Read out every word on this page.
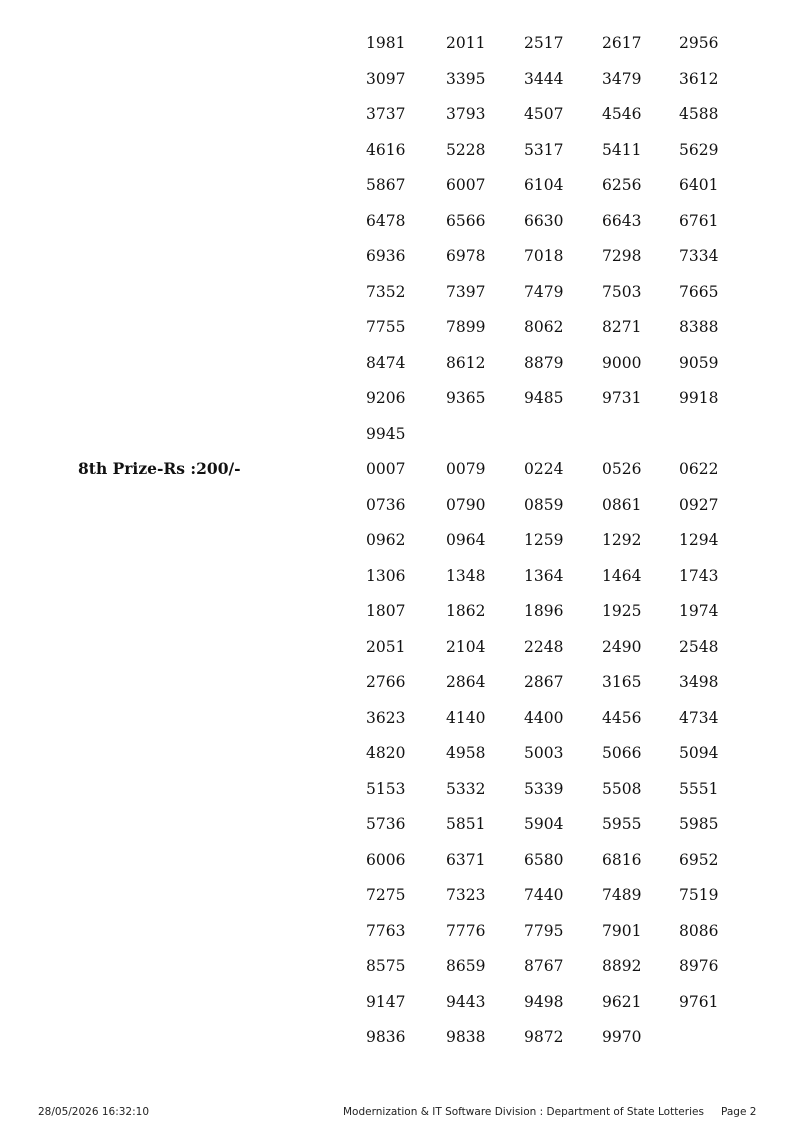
1981	2011 2517 2617 2956
3097	3395 3444 3479 3612
3737	3793 4507 4546 4588
4616	5228 5317 5411 5629
5867	6007 6104 6256 6401
6478	6566 6630 6643 6761
6936	6978 7018 7298 7334
7352	7397 7479 7503 7665
7755	7899 8062 8271 8388
8474	8612 8879 9000 9059
9206	9365 9485 9731 9918
9945
8th Prize-Rs :200/-	0007	0079 0224 0526 0622
0736	0790 0859 0861 0927
0962	0964 1259 1292 1294
1306	1348 1364 1464 1743
1807	1862 1896 1925 1974
2051	2104 2248 2490 2548
2766	2864 2867 3165 3498
3623	4140 4400 4456 4734
4820	4958 5003 5066 5094
5153	5332 5339 5508 5551
5736	5851 5904 5955 5985
6006	6371 6580 6816 6952
7275	7323 7440 7489 7519
7763	7776 7795 7901 8086
8575	8659 8767 8892 8976
9147	9443 9498 9621 9761
9836	9838 9872 9970
28/05/2026 16:32:10	Modernization & IT Software Division : Department of State Lotteries Page 2
